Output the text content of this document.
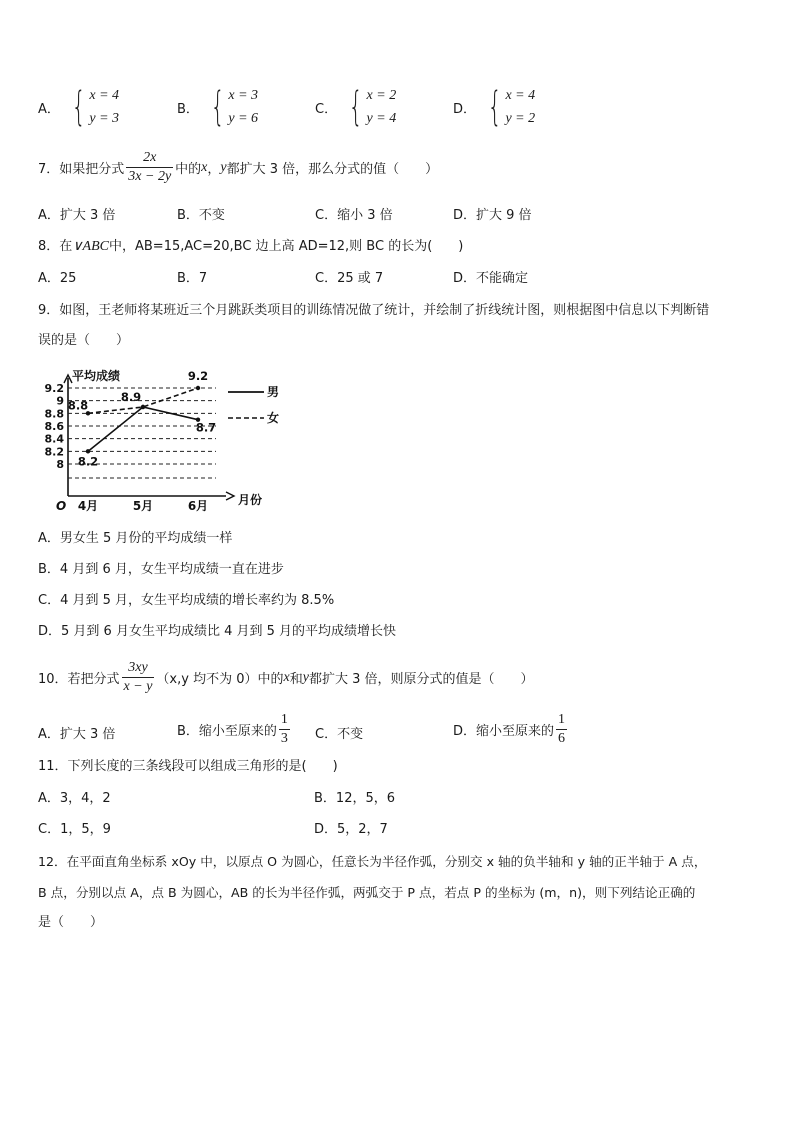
A． { x = 4
y = 3
B． { x = 3
y = 6
C． { x = 2
y = 4
D． { x = 4
y = 2
7．如果把分式 $\frac{2x}{3x - 2y}$ 中的 x ， y 都扩大 3 倍，那么分式的值（　　）
A．扩大 3 倍	B．不变	C．缩小 3 倍	D．扩大 9 倍
8．在∨ABC中，AB=15,AC=20,BC 边上高 AD=12,则 BC 的长为(　　)
A．25	B．7	C．25 或 7	D．不能确定
9．如图，王老师将某班近三个月跳跃类项目的训练情况做了统计，并绘制了折线统计图，则根据图中信息以下判断错
误的是（　　）
平均成绩
9.2
9
8.8
8.6
8.4
8.2
8
O 4月	5月	6月 月份
8.2
8.9
8.7
8.8
9.2
男
女
A．男女生 5 月份的平均成绩一样
B．4 月到 6 月，女生平均成绩一直在进步
C．4 月到 5 月，女生平均成绩的增长率约为 8.5%
D．5 月到 6 月女生平均成绩比 4 月到 5 月的平均成绩增长快
10．若把分式 $\frac{3xy}{x - y} (x,y$ 均不为 0）中的 x 和 y 都扩大 3 倍，则原分式的值是（　　）
A．扩大 3 倍	B．缩小至原来的 $\frac{1}{3}$ C．不变	D．缩小至原来的 $\frac{1}{6}$
11．下列长度的三条线段可以组成三角形的是(　　)
A．3，4，2	B．12，5，6
C．1，5，9	D．5，2，7
12．在平面直角坐标系 xOy 中，以原点 O 为圆心，任意长为半径作弧，分别交 x 轴的负半轴和 y 轴的正半轴于 A 点，
B 点，分别以点 A，点 B 为圆心，AB 的长为半径作弧，两弧交于 P 点，若点 P 的坐标为 (m，n)，则下列结论正确的
是（　　）
